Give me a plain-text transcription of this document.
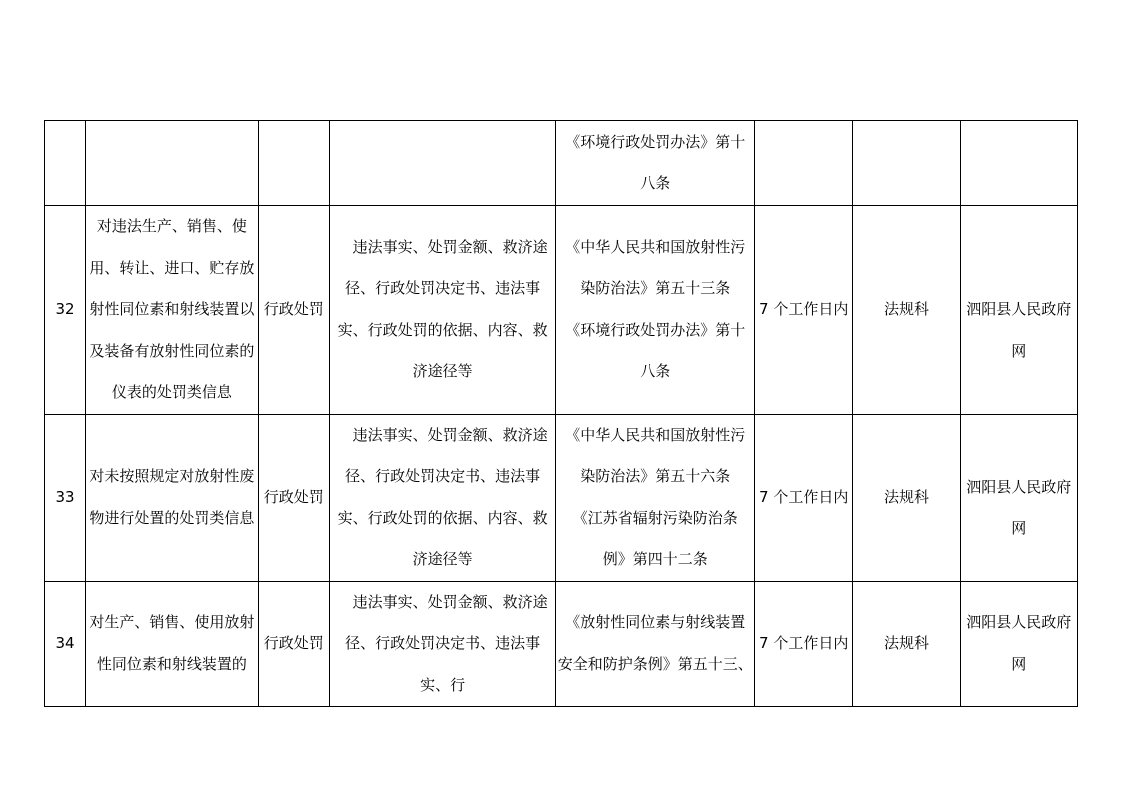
				《环境行政处罚办法》第十
八条			

32	对违法生产、销售、使用、转让、进口、贮存放射性同位素和射线装置以及装备有放射性同位素的仪表的处罚类信息	行政处罚	违法事实、处罚金额、救济途径、行政处罚决定书、违法事实、行政处罚的依据、内容、救济途径等	《中华人民共和国放射性污
染防治法》第五十三条
《环境行政处罚办法》第十
八条	7 个工作日内	法规科	泗阳县人民政府
网

33	对未按照规定对放射性废物进行处置的处罚类信息	行政处罚	违法事实、处罚金额、救济途径、行政处罚决定书、违法事实、行政处罚的依据、内容、救济途径等	《中华人民共和国放射性污
染防治法》第五十六条
《江苏省辐射污染防治条
例》第四十二条	7 个工作日内	法规科	泗阳县人民政府
网

34	对生产、销售、使用放射性同位素和射线装置的	行政处罚	违法事实、处罚金额、救济途径、行政处罚决定书、违法事实、行	《放射性同位素与射线装置
安全和防护条例》第五十三、	7 个工作日内	法规科	泗阳县人民政府
网
